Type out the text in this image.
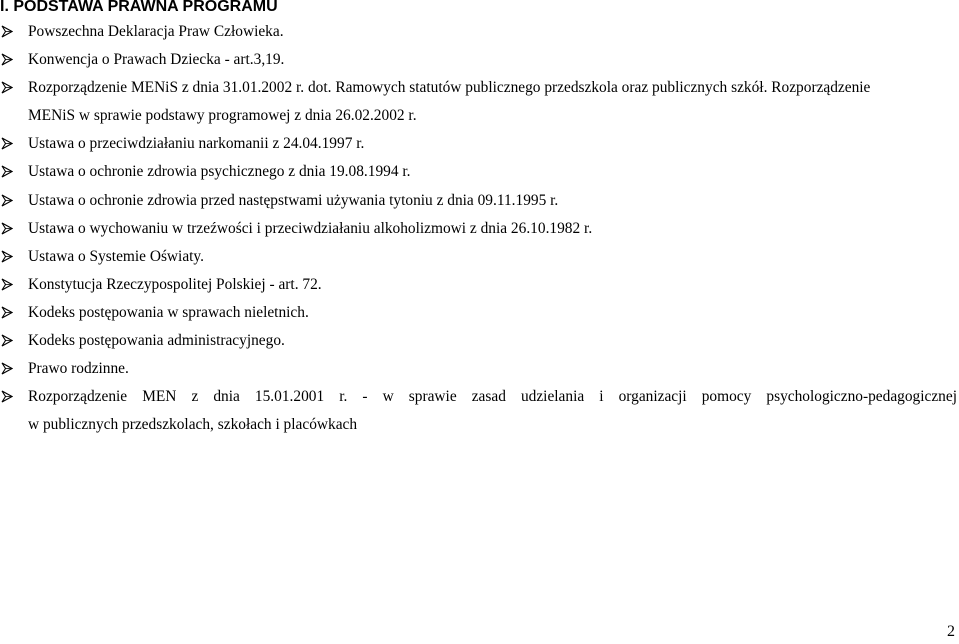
I. PODSTAWA PRAWNA PROGRAMU
Powszechna Deklaracja Praw Człowieka.
Konwencja o Prawach Dziecka - art.3,19.
Rozporządzenie MENiS z dnia 31.01.2002 r. dot. Ramowych statutów publicznego przedszkola oraz publicznych szkół. Rozporządzenie
MENiS w sprawie podstawy programowej z dnia 26.02.2002 r.
Ustawa o przeciwdziałaniu narkomanii z 24.04.1997 r.
Ustawa o ochronie zdrowia psychicznego z dnia 19.08.1994 r.
Ustawa o ochronie zdrowia przed następstwami używania tytoniu z dnia 09.11.1995 r.
Ustawa o wychowaniu w trzeźwości i przeciwdziałaniu alkoholizmowi z dnia 26.10.1982 r.
Ustawa o Systemie Oświaty.
Konstytucja Rzeczypospolitej Polskiej - art. 72.
Kodeks postępowania w sprawach nieletnich.
Kodeks postępowania administracyjnego.
Prawo rodzinne.
Rozporządzenie MEN z dnia 15.01.2001 r. - w sprawie zasad udzielania i organizacji pomocy psychologiczno-pedagogicznej
w publicznych przedszkolach, szkołach i placówkach
2
